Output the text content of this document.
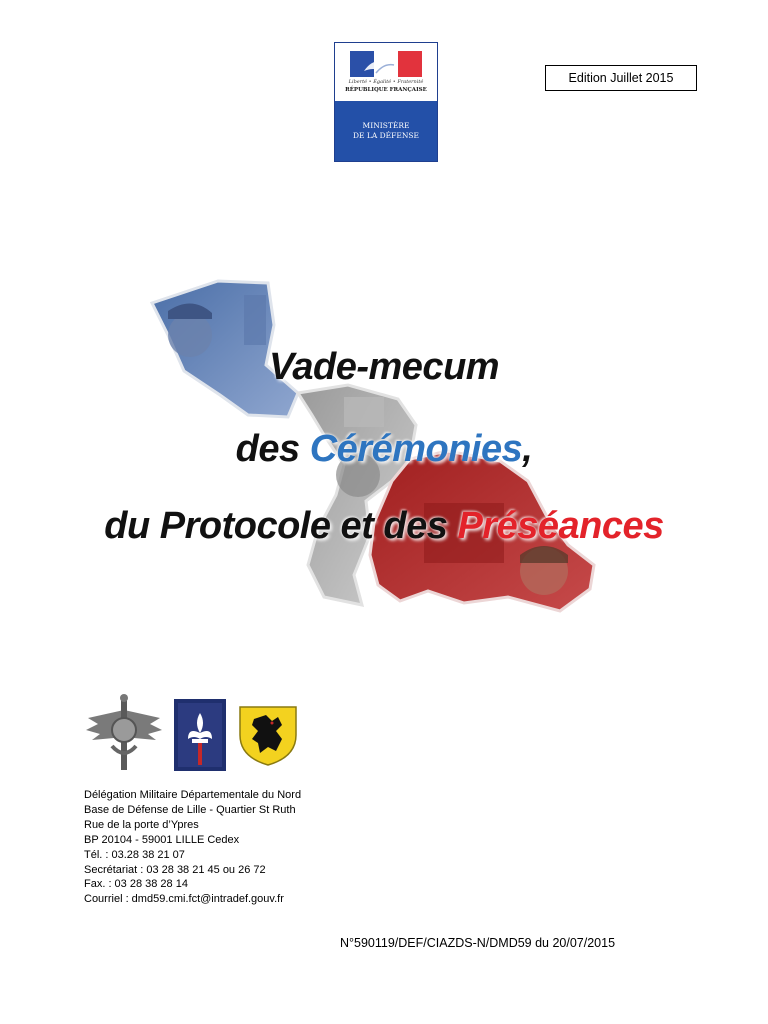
Liberté • Égalité • Fraternité
RÉPUBLIQUE FRANÇAISE
MINISTÈRE
DE LA DÉFENSE
Edition Juillet 2015
Vade-mecum
des Cérémonies,
du Protocole et des Préséances
Délégation Militaire Départementale du Nord
Base de Défense de Lille - Quartier St Ruth
Rue de la porte d’Ypres
BP 20104 - 59001 LILLE Cedex
Tél. : 03.28 38 21 07
Secrétariat : 03 28 38 21 45 ou 26 72
Fax. : 03 28 38 28 14
Courriel : dmd59.cmi.fct@intradef.gouv.fr
N°590119/DEF/CIAZDS-N/DMD59 du 20/07/2015
